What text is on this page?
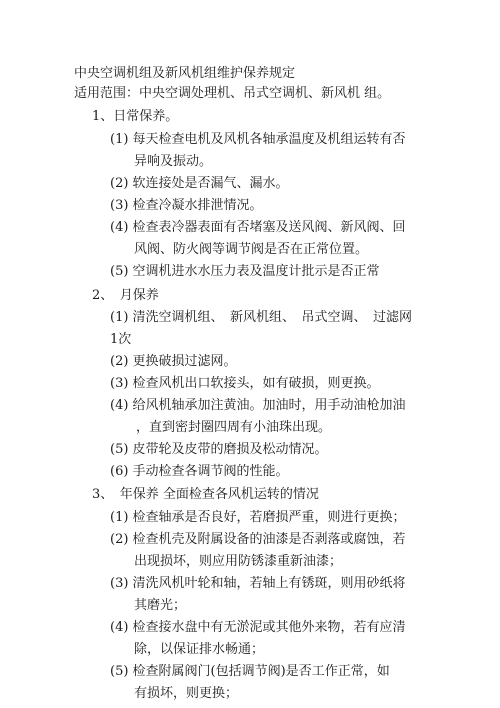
中央空调机组及新风机组维护保养规定
适用范围：中央空调处理机、吊式空调机、新风机 组。
1、日常保养。
(1) 每天检查电机及风机各轴承温度及机组运转有否
异响及振动。
(2) 软连接处是否漏气、漏水。
(3) 检查冷凝水排泄情况。
(4) 检查表冷器表面有否堵塞及送风阀、新风阀、回
风阀、防火阀等调节阀是否在正常位置。
(5) 空调机进水水压力表及温度计批示是否正常
2、　月保养
(1) 清洗空调机组、　新风机组、　吊式空调、　过滤网
1次
(2) 更换破损过滤网。
(3) 检查风机出口软接头，如有破损，则更换。
(4) 给风机轴承加注黄油。加油时，用手动油枪加油
，直到密封圈四周有小油珠出现。
(5) 皮带轮及皮带的磨损及松动情况。
(6) 手动检查各调节阀的性能。
3、　年保养 全面检查各风机运转的情况
(1) 检查轴承是否良好，若磨损严重，则进行更换；
(2) 检查机壳及附属设备的油漆是否剥落或腐蚀，若
出现损坏，则应用防锈漆重新油漆；
(3) 清洗风机叶轮和轴，若轴上有锈斑，则用砂纸将
其磨光；
(4) 检查接水盘中有无淤泥或其他外来物，若有应清
除，以保证排水畅通；
(5) 检查附属阀门(包括调节阀)是否工作正常，如
有损坏，则更换；
